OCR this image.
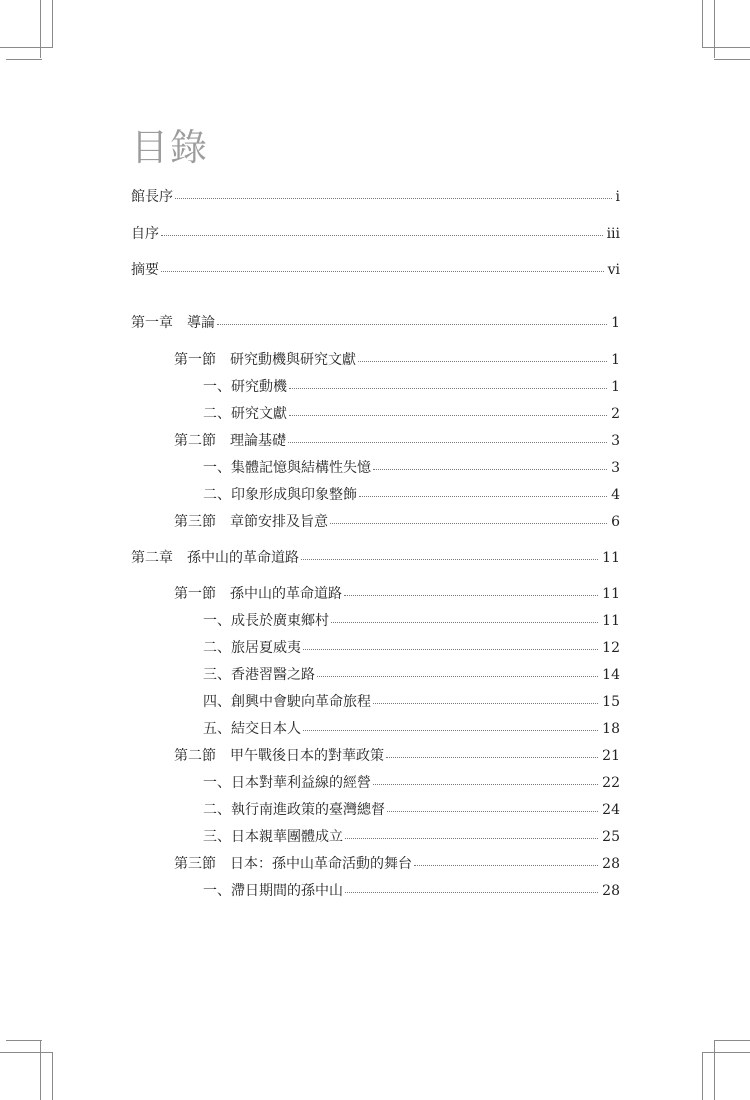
目錄
館長序	i
自序	iii
摘要	vi
第一章　導論	1
第一節　研究動機與研究文獻	1
一、研究動機	1
二、研究文獻	2
第二節　理論基礎	3
一、集體記憶與結構性失憶	3
二、印象形成與印象整飾	4
第三節　章節安排及旨意	6
第二章　孫中山的革命道路	11
第一節　孫中山的革命道路	11
一、成長於廣東鄉村	11
二、旅居夏威夷	12
三、香港習醫之路	14
四、創興中會駛向革命旅程	15
五、結交日本人	18
第二節　甲午戰後日本的對華政策	21
一、日本對華利益線的經營	22
二、執行南進政策的臺灣總督	24
三、日本親華團體成立	25
第三節　日本：孫中山革命活動的舞台	28
一、滯日期間的孫中山	28
